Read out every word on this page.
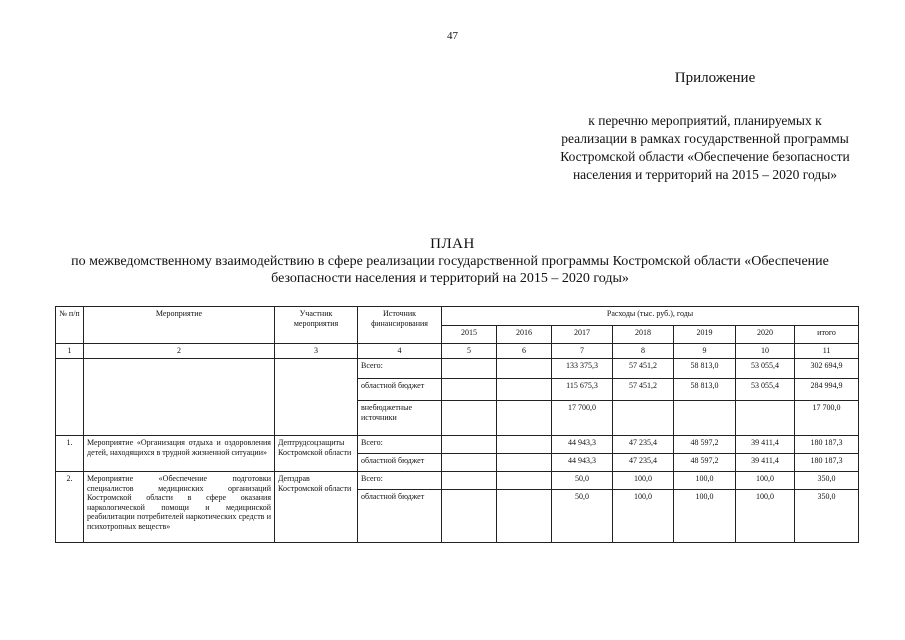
47
Приложение
к перечню мероприятий, планируемых к реализации в рамках государственной программы Костромской области «Обеспечение безопасности населения и территорий на 2015 – 2020 годы»
ПЛАН
по межведомственному взаимодействию в сфере реализации государственной программы Костромской области «Обеспечение безопасности населения и территорий на 2015 – 2020 годы»
№ п/п	Мероприятие	Участник мероприятия	Источник финансирования	Расходы (тыс. руб.), годы						
				2015	2016	2017	2018	2019	2020	итого
1	2	3	4	5	6	7	8	9	10	11
			Всего:			133 375,3	57 451,2	58 813,0	53 055,4	302 694,9
			областной бюджет			115 675,3	57 451,2	58 813,0	53 055,4	284 994,9
			внебюджетные источники			17 700,0				17 700,0
1.	Мероприятие «Организация отдыха и оздоровления детей, находящихся в трудной жизненной ситуации»	Дептрудсоцзащиты Костромской области	Всего:			44 943,3	47 235,4	48 597,2	39 411,4	180 187,3
			областной бюджет			44 943,3	47 235,4	48 597,2	39 411,4	180 187,3
2.	Мероприятие «Обеспечение подготовки специалистов медицинских организаций Костромской области в сфере оказания наркологической помощи и медицинской реабилитации потребителей наркотических средств и психотропных веществ»	Депздрав Костромской области	Всего:			50,0	100,0	100,0	100,0	350,0
			областной бюджет			50,0	100,0	100,0	100,0	350,0
